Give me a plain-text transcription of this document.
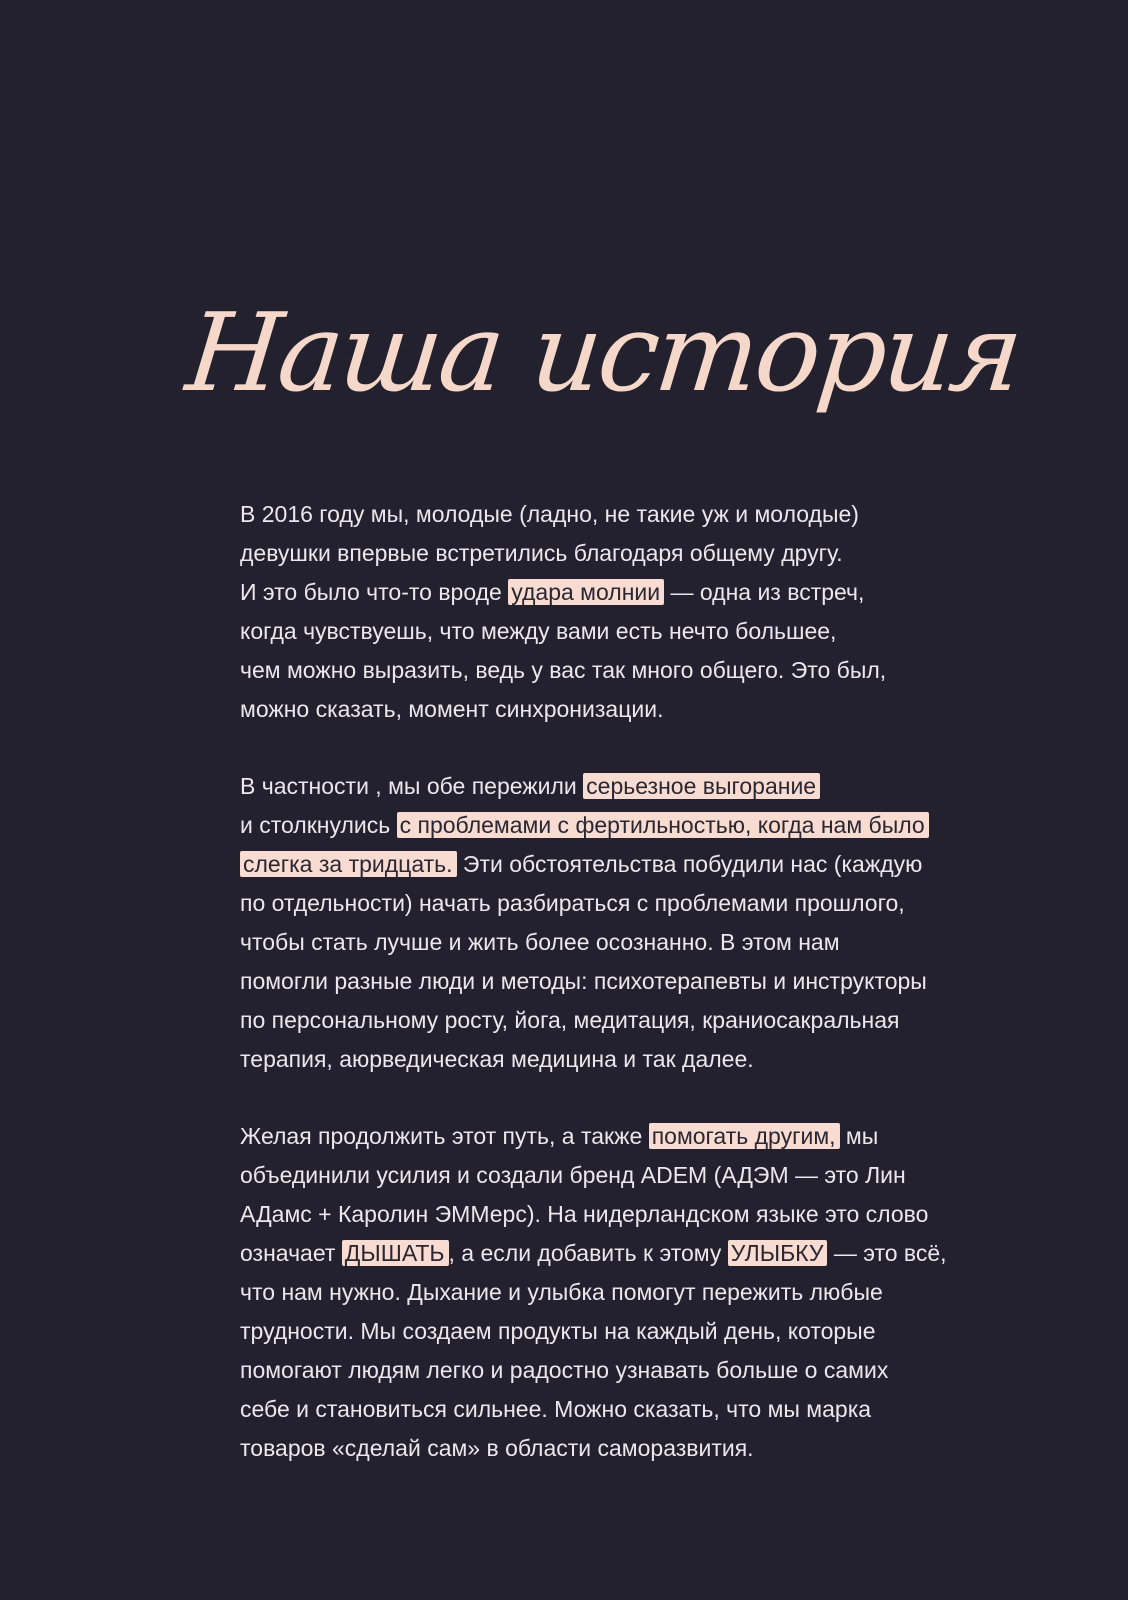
Наша история

В 2016 году мы, молодые (ладно, не такие уж и молодые)
девушки впервые встретились благодаря общему другу.
И это было что-то вроде удара молнии — одна из встреч,
когда чувствуешь, что между вами есть нечто большее,
чем можно выразить, ведь у вас так много общего. Это был,
можно сказать, момент синхронизации.

В частности , мы обе пережили серьезное выгорание
и столкнулись с проблемами с фертильностью, когда нам было
слегка за тридцать. Эти обстоятельства побудили нас (каждую
по отдельности) начать разбираться с проблемами прошлого,
чтобы стать лучше и жить более осознанно. В этом нам
помогли разные люди и методы: психотерапевты и инструкторы
по персональному росту, йога, медитация, краниосакральная
терапия, аюрведическая медицина и так далее.

Желая продолжить этот путь, а также помогать другим, мы
объединили усилия и создали бренд ADEM (АДЭМ — это Лин
АДамс + Каролин ЭММерс). На нидерландском языке это слово
означает ДЫШАТЬ , а если добавить к этому УЛЫБКУ — это всё,
что нам нужно. Дыхание и улыбка помогут пережить любые
трудности. Мы создаем продукты на каждый день, которые
помогают людям легко и радостно узнавать больше о самих
себе и становиться сильнее. Можно сказать, что мы марка
товаров «сделай сам» в области саморазвития.
